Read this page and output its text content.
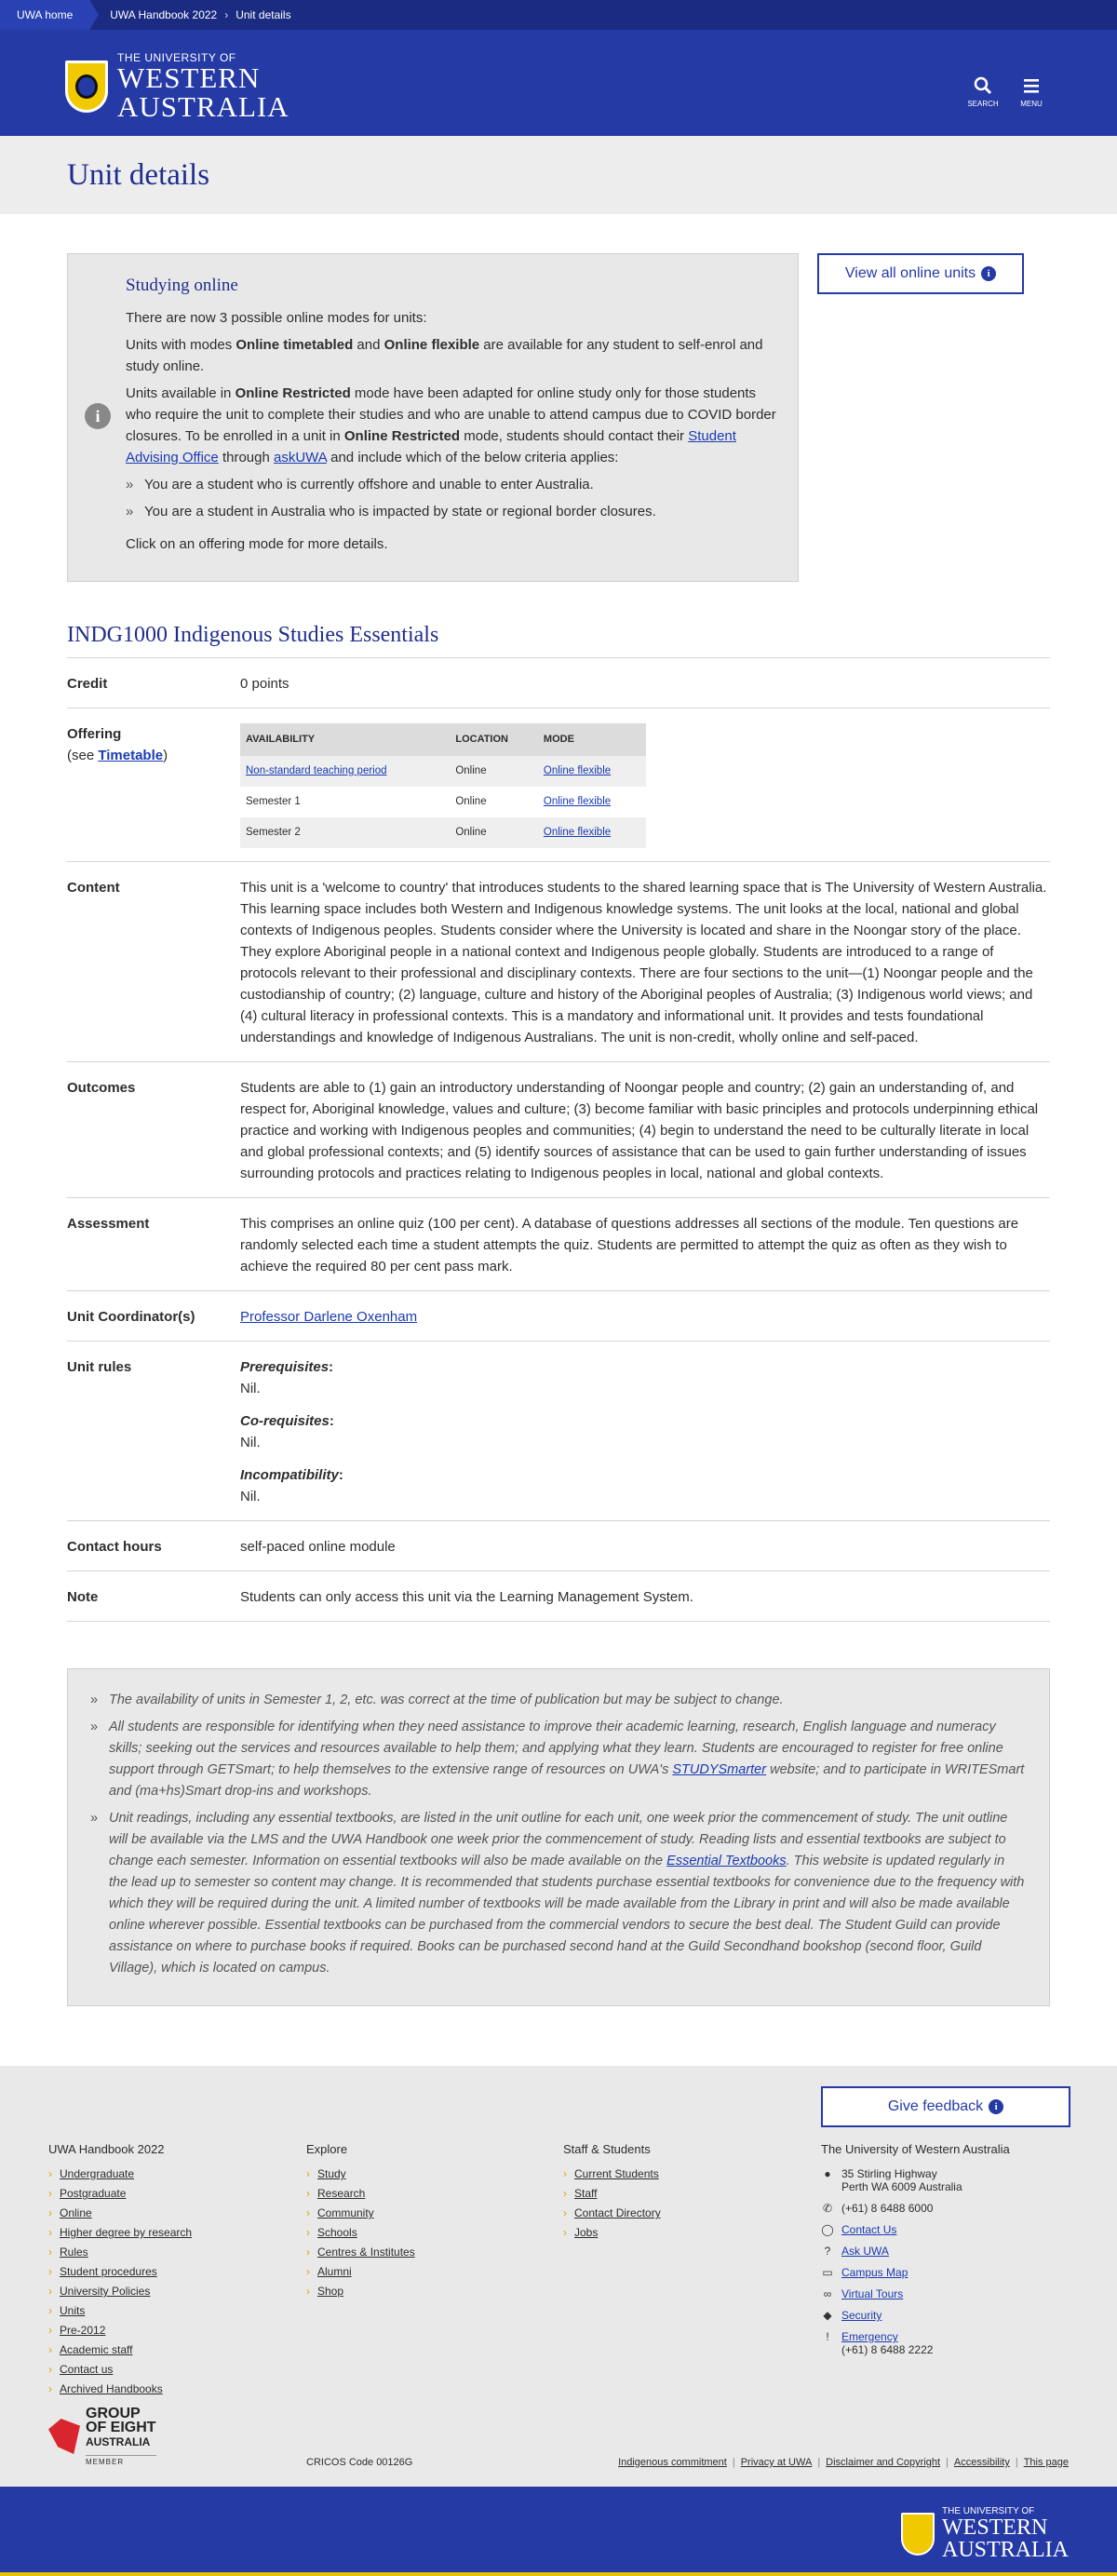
UWA home	UWA Handbook 2022 › Unit details
THE UNIVERSITY OF
WESTERN
AUSTRALIA	SEARCH	MENU
Unit details
i
Studying online

There are now 3 possible online modes for units:

Units with modes Online timetabled and Online flexible are available for any student to self-enrol and study online.

Units available in Online Restricted mode have been adapted for online study only for those students who require the unit to complete their studies and who are unable to attend campus due to COVID border closures. To be enrolled in a unit in Online Restricted mode, students should contact their Student Advising Office through askUWA and include which of the below criteria applies:

» You are a student who is currently offshore and unable to enter Australia.
» You are a student in Australia who is impacted by state or regional border closures.

Click on an offering mode for more details.

View all online units	i
INDG1000 Indigenous Studies Essentials
Credit	0 points
Offering
(see Timetable)
AVAILABILITY	LOCATION	MODE
Non-standard teaching period	Online	Online flexible
Semester 1	Online	Online flexible
Semester 2	Online	Online flexible
Content	This unit is a 'welcome to country' that introduces students to the shared learning space that is The University of Western Australia. This learning space includes both Western and Indigenous knowledge systems. The unit looks at the local, national and global contexts of Indigenous peoples. Students consider where the University is located and share in the Noongar story of the place. They explore Aboriginal people in a national context and Indigenous people globally. Students are introduced to a range of protocols relevant to their professional and disciplinary contexts. There are four sections to the unit—(1) Noongar people and the custodianship of country; (2) language, culture and history of the Aboriginal peoples of Australia; (3) Indigenous world views; and (4) cultural literacy in professional contexts. This is a mandatory and informational unit. It provides and tests foundational understandings and knowledge of Indigenous Australians. The unit is non-credit, wholly online and self-paced.
Outcomes	Students are able to (1) gain an introductory understanding of Noongar people and country; (2) gain an understanding of, and respect for, Aboriginal knowledge, values and culture; (3) become familiar with basic principles and protocols underpinning ethical practice and working with Indigenous peoples and communities; (4) begin to understand the need to be culturally literate in local and global professional contexts; and (5) identify sources of assistance that can be used to gain further understanding of issues surrounding protocols and practices relating to Indigenous peoples in local, national and global contexts.
Assessment	This comprises an online quiz (100 per cent). A database of questions addresses all sections of the module. Ten questions are randomly selected each time a student attempts the quiz. Students are permitted to attempt the quiz as often as they wish to achieve the required 80 per cent pass mark.
Unit Coordinator(s)	Professor Darlene Oxenham
Unit rules	Prerequisites:
Nil.
Co-requisites:
Nil.
Incompatibility:
Nil.
Contact hours	self-paced online module
Note	Students can only access this unit via the Learning Management System.
» The availability of units in Semester 1, 2, etc. was correct at the time of publication but may be subject to change.
» All students are responsible for identifying when they need assistance to improve their academic learning, research, English language and numeracy skills; seeking out the services and resources available to help them; and applying what they learn. Students are encouraged to register for free online support through GETSmart; to help themselves to the extensive range of resources on UWA's STUDYSmarter website; and to participate in WRITESmart and (ma+hs)Smart drop-ins and workshops.
» Unit readings, including any essential textbooks, are listed in the unit outline for each unit, one week prior the commencement of study. The unit outline will be available via the LMS and the UWA Handbook one week prior the commencement of study. Reading lists and essential textbooks are subject to change each semester. Information on essential textbooks will also be made available on the Essential Textbooks. This website is updated regularly in the lead up to semester so content may change. It is recommended that students purchase essential textbooks for convenience due to the frequency with which they will be required during the unit. A limited number of textbooks will be made available from the Library in print and will also be made available online wherever possible. Essential textbooks can be purchased from the commercial vendors to secure the best deal. The Student Guild can provide assistance on where to purchase books if required. Books can be purchased second hand at the Guild Secondhand bookshop (second floor, Guild Village), which is located on campus.
Give feedback	i
UWA Handbook 2022
› Undergraduate
› Postgraduate
› Online
› Higher degree by research
› Rules
› Student procedures
› University Policies
› Units
› Pre-2012
› Academic staff
› Contact us
› Archived Handbooks
Explore
› Study
› Research
› Community
› Schools
› Centres & Institutes
› Alumni
› Shop
Staff & Students
› Current Students
› Staff
› Contact Directory
› Jobs
The University of Western Australia
● 35 Stirling Highway
Perth WA 6009 Australia
✆ (+61) 8 6488 6000
◯ Contact Us
? Ask UWA
▭ Campus Map
∞ Virtual Tours
◆ Security
!	Emergency
(+61) 8 6488 2222
GROUP
OF EIGHT
AUSTRALIA
MEMBER	CRICOS Code 00126G	Indigenous commitment | Privacy at UWA | Disclaimer and Copyright | Accessibility | This page
THE UNIVERSITY OF
WESTERN
AUSTRALIA
